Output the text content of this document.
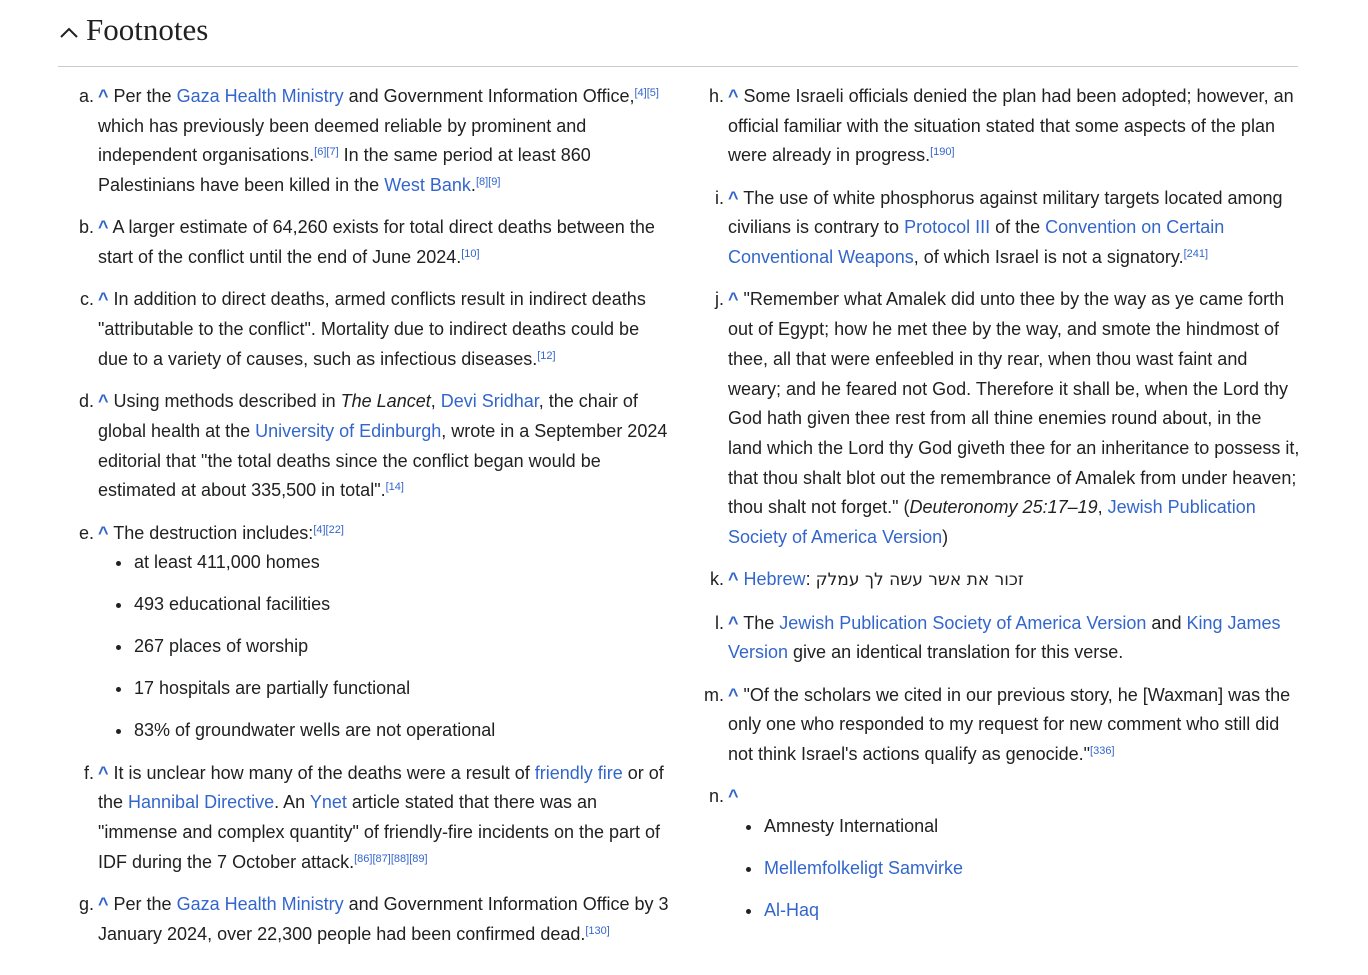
Footnotes
a. ^ Per the Gaza Health Ministry and Government Information Office,[4][5] which has previously been deemed reliable by prominent and independent organisations.[6][7] In the same period at least 860 Palestinians have been killed in the West Bank.[8][9]
b. ^ A larger estimate of 64,260 exists for total direct deaths between the start of the conflict until the end of June 2024.[10]
c. ^ In addition to direct deaths, armed conflicts result in indirect deaths "attributable to the conflict". Mortality due to indirect deaths could be due to a variety of causes, such as infectious diseases.[12]
d. ^ Using methods described in The Lancet, Devi Sridhar, the chair of global health at the University of Edinburgh, wrote in a September 2024 editorial that "the total deaths since the conflict began would be estimated at about 335,500 in total".[14]
e. ^ The destruction includes:[4][22]
at least 411,000 homes
493 educational facilities
267 places of worship
17 hospitals are partially functional
83% of groundwater wells are not operational
f. ^ It is unclear how many of the deaths were a result of friendly fire or of the Hannibal Directive. An Ynet article stated that there was an "immense and complex quantity" of friendly-fire incidents on the part of IDF during the 7 October attack.[86][87][88][89]
g. ^ Per the Gaza Health Ministry and Government Information Office by 3 January 2024, over 22,300 people had been confirmed dead.[130]
h. ^ Some Israeli officials denied the plan had been adopted; however, an official familiar with the situation stated that some aspects of the plan were already in progress.[190]
i. ^ The use of white phosphorus against military targets located among civilians is contrary to Protocol III of the Convention on Certain Conventional Weapons, of which Israel is not a signatory.[241]
j. ^ "Remember what Amalek did unto thee by the way as ye came forth out of Egypt; how he met thee by the way, and smote the hindmost of thee, all that were enfeebled in thy rear, when thou wast faint and weary; and he feared not God. Therefore it shall be, when the Lord thy God hath given thee rest from all thine enemies round about, in the land which the Lord thy God giveth thee for an inheritance to possess it, that thou shalt blot out the remembrance of Amalek from under heaven; thou shalt not forget." (Deuteronomy 25:17–19, Jewish Publication Society of America Version)
k. ^ Hebrew: זכור את אשר עשה לך עמלק
l. ^ The Jewish Publication Society of America Version and King James Version give an identical translation for this verse.
m. ^ "Of the scholars we cited in our previous story, he [Waxman] was the only one who responded to my request for new comment who still did not think Israel's actions qualify as genocide."[336]
n. ^
Amnesty International
Mellemfolkeligt Samvirke
Al-Haq
